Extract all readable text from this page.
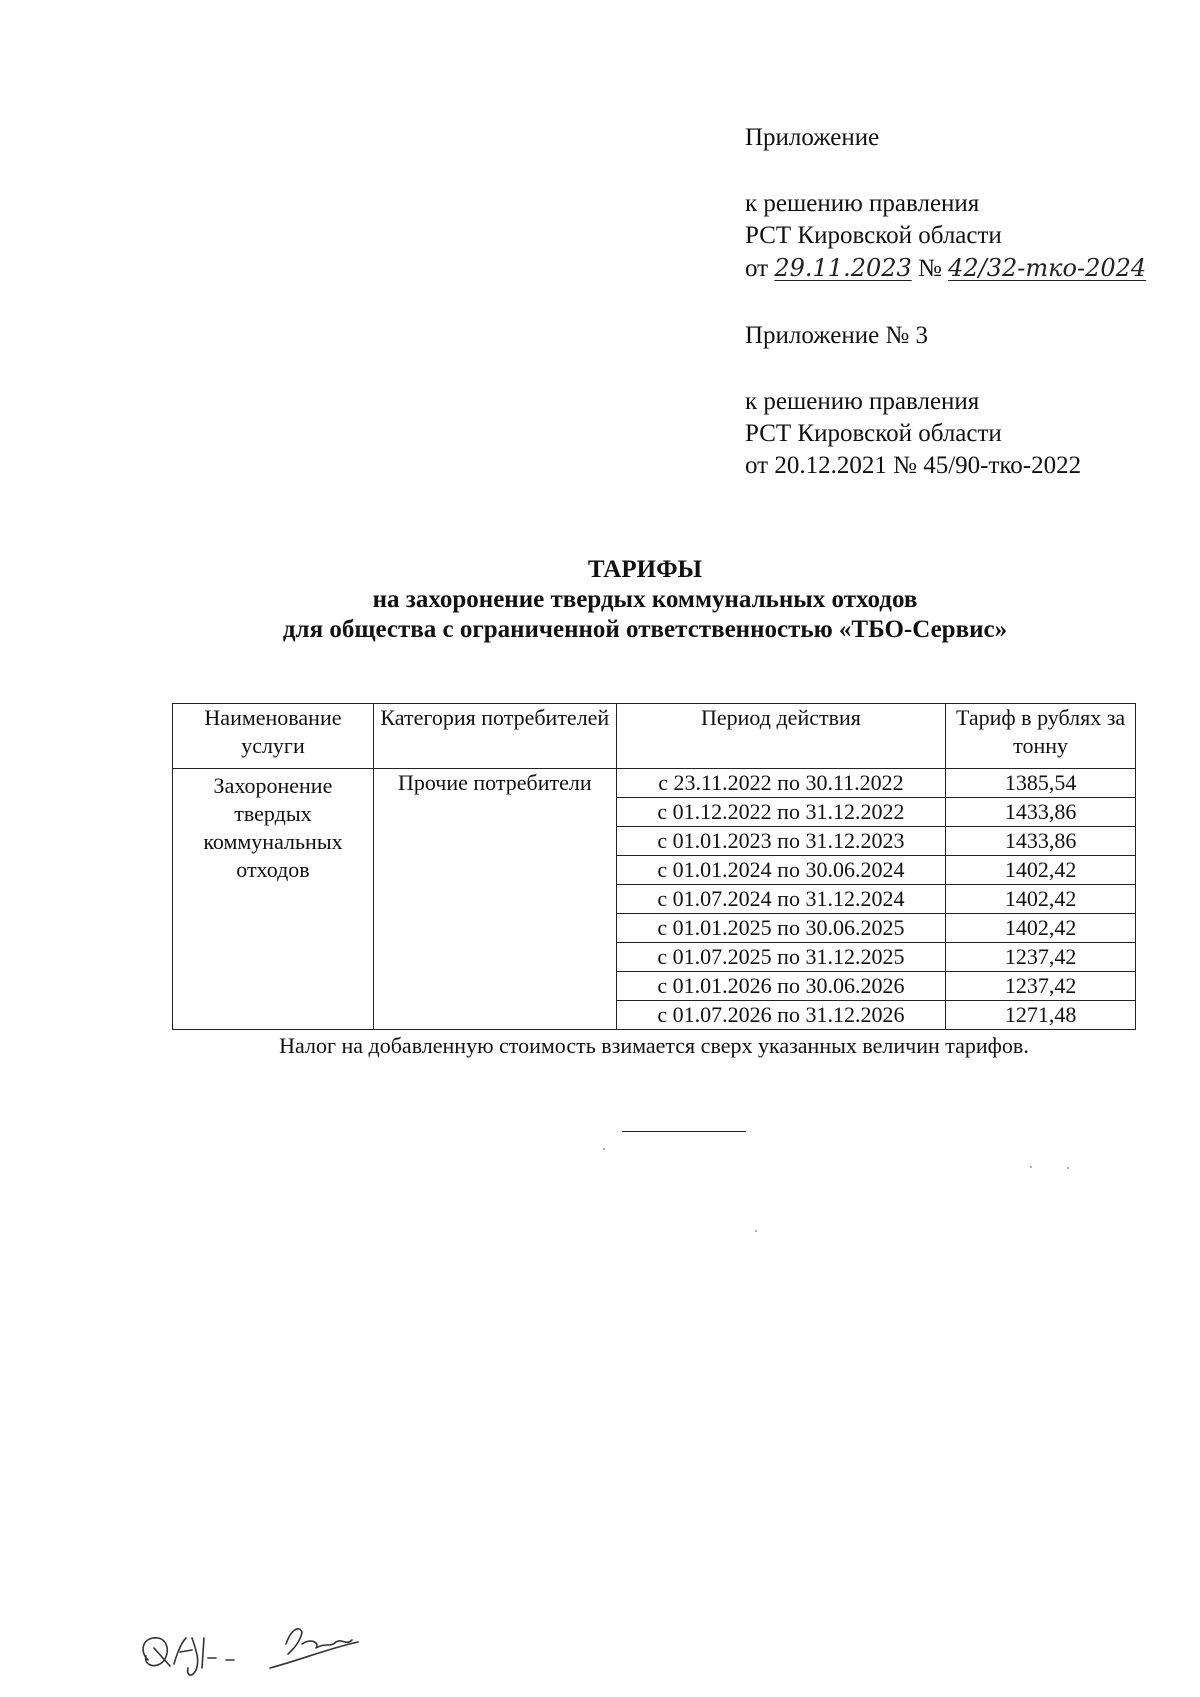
Приложение
к решению правления
РСТ Кировской области
от 29.11.2023 № 42/32-тко-2024
Приложение № 3
к решению правления
РСТ Кировской области
от 20.12.2021 № 45/90-тко-2022
ТАРИФЫ
на захоронение твердых коммунальных отходов
для общества с ограниченной ответственностью «ТБО-Сервис»
Наименование услуги	Категория потребителей	Период действия	Тариф в рублях за тонну
Захоронение твердых коммунальных отходов	Прочие потребители	с 23.11.2022 по 30.11.2022	1385,54
		с 01.12.2022 по 31.12.2022	1433,86
		с 01.01.2023 по 31.12.2023	1433,86
		с 01.01.2024 по 30.06.2024	1402,42
		с 01.07.2024 по 31.12.2024	1402,42
		с 01.01.2025 по 30.06.2025	1402,42
		с 01.07.2025 по 31.12.2025	1237,42
		с 01.01.2026 по 30.06.2026	1237,42
		с 01.07.2026 по 31.12.2026	1271,48
Налог на добавленную стоимость взимается сверх указанных величин тарифов.
